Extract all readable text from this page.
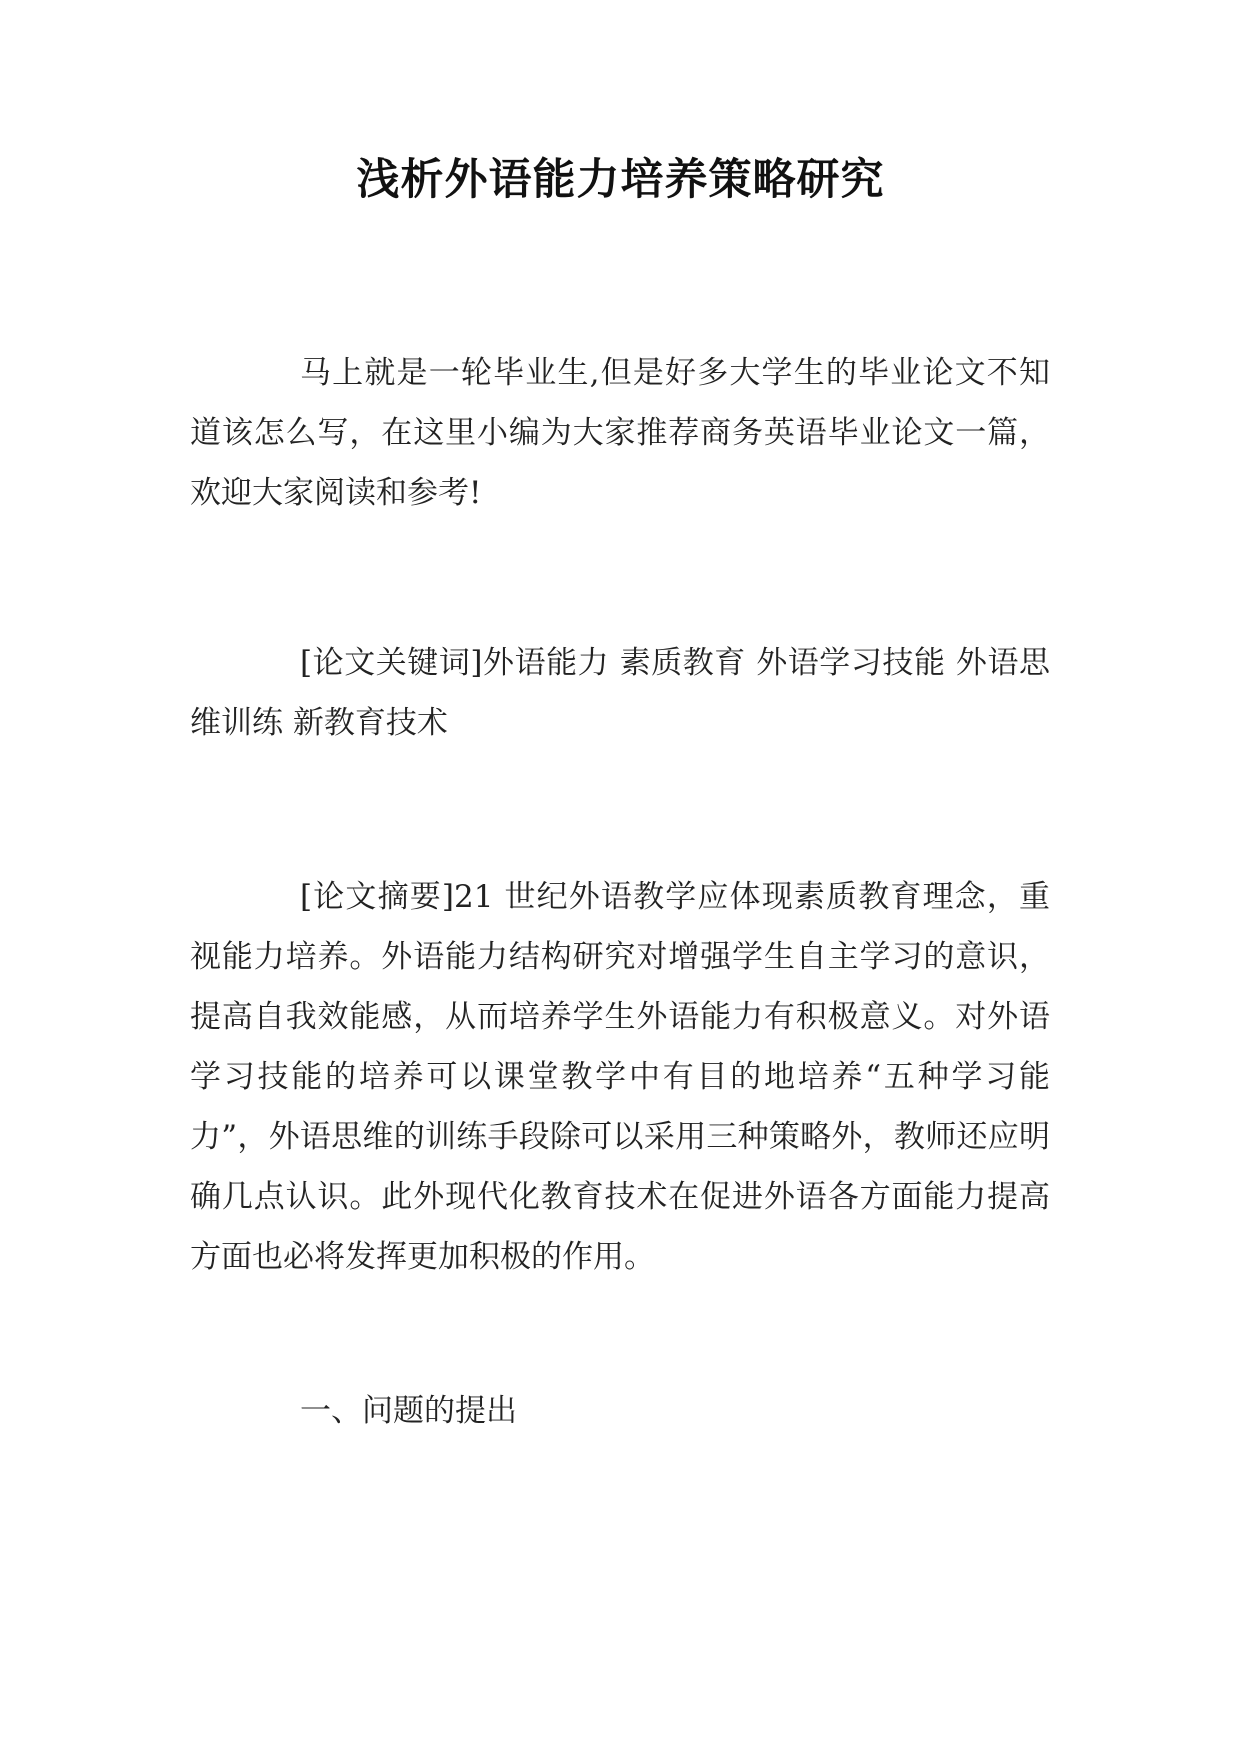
浅析外语能力培养策略研究

马上就是一轮毕业生,但是好多大学生的毕业论文不知道该怎么写，在这里小编为大家推荐商务英语毕业论文一篇，欢迎大家阅读和参考!

[论文关键词]外语能力 素质教育 外语学习技能 外语思维训练 新教育技术

[论文摘要]21 世纪外语教学应体现素质教育理念，重视能力培养。外语能力结构研究对增强学生自主学习的意识，提高自我效能感，从而培养学生外语能力有积极意义。对外语学习技能的培养可以课堂教学中有目的地培养“五种学习能力”，外语思维的训练手段除可以采用三种策略外，教师还应明确几点认识。此外现代化教育技术在促进外语各方面能力提高方面也必将发挥更加积极的作用。

一、问题的提出
